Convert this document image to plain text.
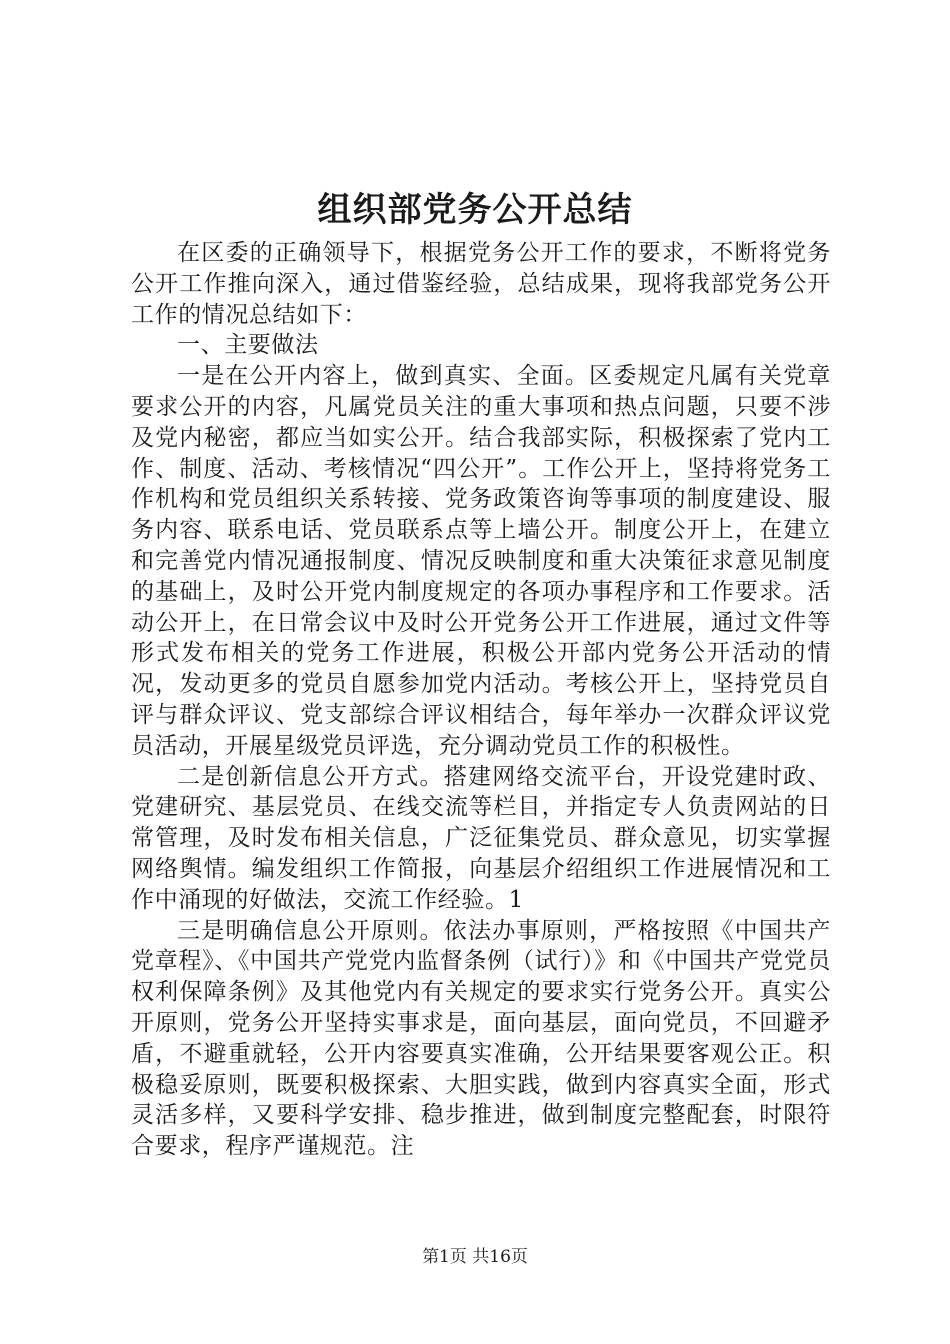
组织部党务公开总结

在区委的正确领导下，根据党务公开工作的要求，不断将党务公开工作推向深入，通过借鉴经验，总结成果，现将我部党务公开工作的情况总结如下：

一、主要做法

一是在公开内容上，做到真实、全面。区委规定凡属有关党章要求公开的内容，凡属党员关注的重大事项和热点问题，只要不涉及党内秘密，都应当如实公开。结合我部实际，积极探索了党内工作、制度、活动、考核情况“四公开”。工作公开上，坚持将党务工作机构和党员组织关系转接、党务政策咨询等事项的制度建设、服务内容、联系电话、党员联系点等上墙公开。制度公开上，在建立和完善党内情况通报制度、情况反映制度和重大决策征求意见制度的基础上，及时公开党内制度规定的各项办事程序和工作要求。活动公开上，在日常会议中及时公开党务公开工作进展，通过文件等形式发布相关的党务工作进展，积极公开部内党务公开活动的情况，发动更多的党员自愿参加党内活动。考核公开上，坚持党员自评与群众评议、党支部综合评议相结合，每年举办一次群众评议党员活动，开展星级党员评选，充分调动党员工作的积极性。

二是创新信息公开方式。搭建网络交流平台，开设党建时政、党建研究、基层党员、在线交流等栏目，并指定专人负责网站的日常管理，及时发布相关信息，广泛征集党员、群众意见，切实掌握网络舆情。编发组织工作简报，向基层介绍组织工作进展情况和工作中涌现的好做法，交流工作经验。1

三是明确信息公开原则。依法办事原则，严格按照《中国共产党章程》、《中国共产党党内监督条例（试行）》和《中国共产党党员权利保障条例》及其他党内有关规定的要求实行党务公开。真实公开原则，党务公开坚持实事求是，面向基层，面向党员，不回避矛盾，不避重就轻，公开内容要真实准确，公开结果要客观公正。积极稳妥原则，既要积极探索、大胆实践，做到内容真实全面，形式灵活多样，又要科学安排、稳步推进，做到制度完整配套，时限符合要求，程序严谨规范。注

第1页 共16页
